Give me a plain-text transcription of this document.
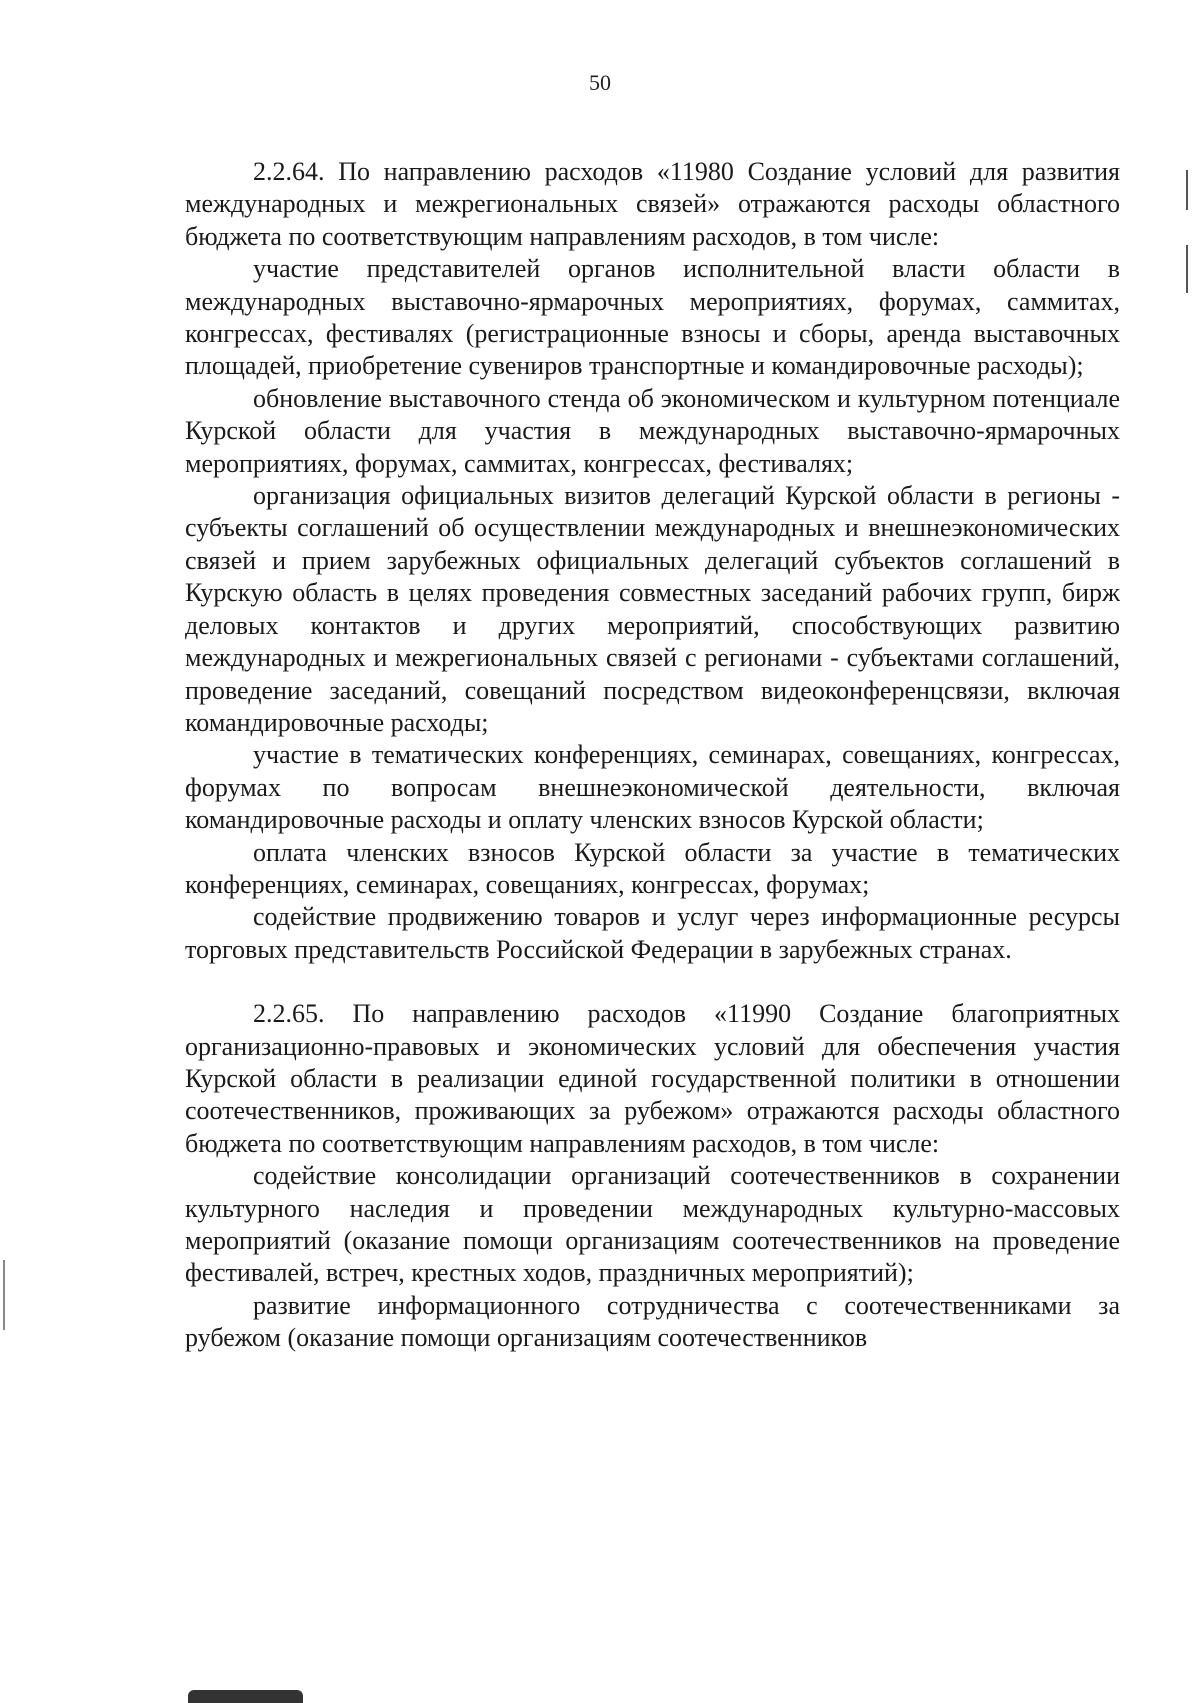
50

2.2.64. По направлению расходов «11980 Создание условий для развития международных и межрегиональных связей» отражаются расходы областного бюджета по соответствующим направлениям расходов, в том числе:

участие представителей органов исполнительной власти области в международных выставочно-ярмарочных мероприятиях, форумах, саммитах, конгрессах, фестивалях (регистрационные взносы и сборы, аренда выставочных площадей, приобретение сувениров транспортные и командировочные расходы);

обновление выставочного стенда об экономическом и культурном потенциале Курской области для участия в международных выставочно-ярмарочных мероприятиях, форумах, саммитах, конгрессах, фестивалях;

организация официальных визитов делегаций Курской области в регионы - субъекты соглашений об осуществлении международных и внешнеэкономических связей и прием зарубежных официальных делегаций субъектов соглашений в Курскую область в целях проведения совместных заседаний рабочих групп, бирж деловых контактов и других мероприятий, способствующих развитию международных и межрегиональных связей с регионами - субъектами соглашений, проведение заседаний, совещаний посредством видеоконференцсвязи, включая командировочные расходы;

участие в тематических конференциях, семинарах, совещаниях, конгрессах, форумах по вопросам внешнеэкономической деятельности, включая командировочные расходы и оплату членских взносов Курской области;

оплата членских взносов Курской области за участие в тематических конференциях, семинарах, совещаниях, конгрессах, форумах;

содействие продвижению товаров и услуг через информационные ресурсы торговых представительств Российской Федерации в зарубежных странах.

2.2.65. По направлению расходов «11990 Создание благоприятных организационно-правовых и экономических условий для обеспечения участия Курской области в реализации единой государственной политики в отношении соотечественников, проживающих за рубежом» отражаются расходы областного бюджета по соответствующим направлениям расходов, в том числе:

содействие консолидации организаций соотечественников в сохранении культурного наследия и проведении международных культурно-массовых мероприятий (оказание помощи организациям соотечественников на проведение фестивалей, встреч, крестных ходов, праздничных мероприятий);

развитие информационного сотрудничества с соотечественниками за рубежом (оказание помощи организациям соотечественников
